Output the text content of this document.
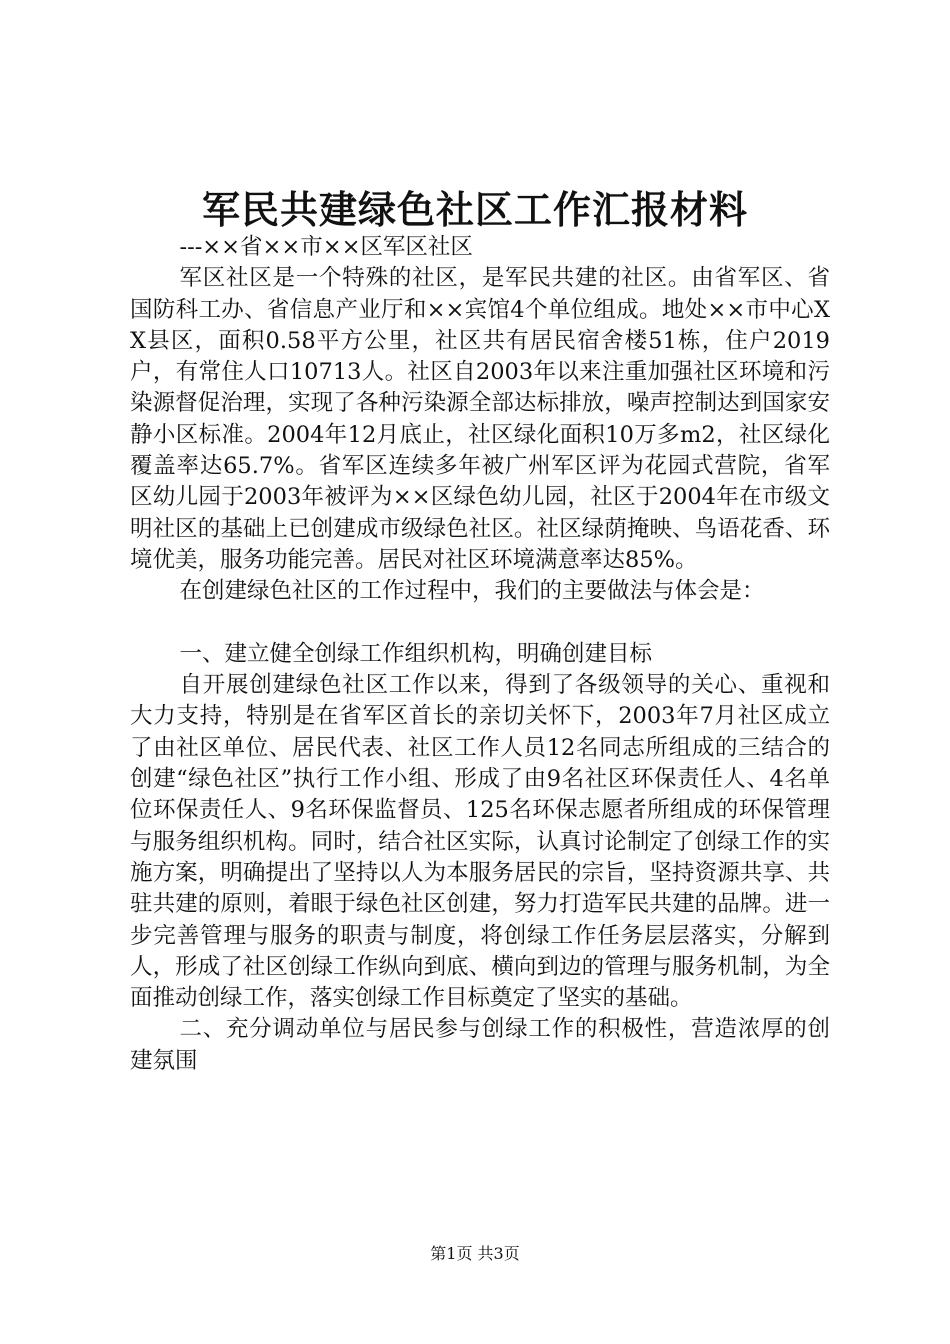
军民共建绿色社区工作汇报材料

---××省××市××区军区社区

军区社区是一个特殊的社区，是军民共建的社区。由省军区、省国防科工办、省信息产业厅和××宾馆4个单位组成。地处××市中心XX县区，面积0.58平方公里，社区共有居民宿舍楼51栋，住户2019户，有常住人口10713人。社区自2003年以来注重加强社区环境和污染源督促治理，实现了各种污染源全部达标排放，噪声控制达到国家安静小区标准。2004年12月底止，社区绿化面积10万多m2，社区绿化覆盖率达65.7%。省军区连续多年被广州军区评为花园式营院，省军区幼儿园于2003年被评为××区绿色幼儿园，社区于2004年在市级文明社区的基础上已创建成市级绿色社区。社区绿荫掩映、鸟语花香、环境优美，服务功能完善。居民对社区环境满意率达85%。

在创建绿色社区的工作过程中，我们的主要做法与体会是：

一、建立健全创绿工作组织机构，明确创建目标

自开展创建绿色社区工作以来，得到了各级领导的关心、重视和大力支持，特别是在省军区首长的亲切关怀下，2003年7月社区成立了由社区单位、居民代表、社区工作人员12名同志所组成的三结合的创建“绿色社区”执行工作小组、形成了由9名社区环保责任人、4名单位环保责任人、9名环保监督员、125名环保志愿者所组成的环保管理与服务组织机构。同时，结合社区实际，认真讨论制定了创绿工作的实施方案，明确提出了坚持以人为本服务居民的宗旨，坚持资源共享、共驻共建的原则，着眼于绿色社区创建，努力打造军民共建的品牌。进一步完善管理与服务的职责与制度，将创绿工作任务层层落实，分解到人，形成了社区创绿工作纵向到底、横向到边的管理与服务机制，为全面推动创绿工作，落实创绿工作目标奠定了坚实的基础。

二、充分调动单位与居民参与创绿工作的积极性，营造浓厚的创建氛围

第1页 共3页
